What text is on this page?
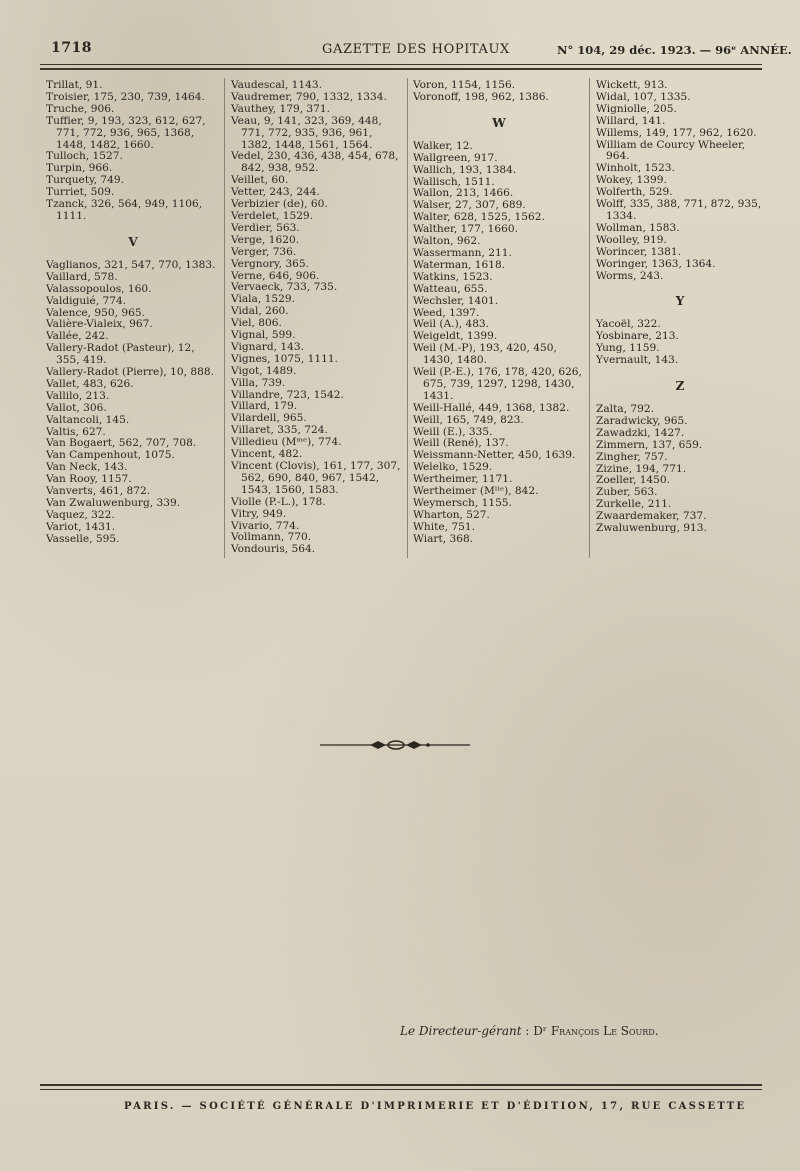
1718	GAZETTE DES HOPITAUX	N° 104, 29 déc. 1923. — 96ᵉ ANNÉE.
Trillat, 91.
Troisier, 175, 230, 739, 1464.
Truche, 906.
Tuffier, 9, 193, 323, 612, 627, 771, 772, 936, 965, 1368, 1448, 1482, 1660.
Tulloch, 1527.
Turpin, 966.
Turquety, 749.
Turriet, 509.
Tzanck, 326, 564, 949, 1106, 1111.
V
Vaglianos, 321, 547, 770, 1383.
Vaillard, 578.
Valassopoulos, 160.
Valdiguié, 774.
Valence, 950, 965.
Valière-Vialeix, 967.
Vallée, 242.
Vallery-Radot (Pasteur), 12, 355, 419.
Vallery-Radot (Pierre), 10, 888.
Vallet, 483, 626.
Vallilo, 213.
Vallot, 306.
Valtancoli, 145.
Valtis, 627.
Van Bogaert, 562, 707, 708.
Van Campenhout, 1075.
Van Neck, 143.
Van Rooy, 1157.
Vanverts, 461, 872.
Van Zwaluwenburg, 339.
Vaquez, 322.
Variot, 1431.
Vasselle, 595.
Vaudescal, 1143.
Vaudremer, 790, 1332, 1334.
Vauthey, 179, 371.
Veau, 9, 141, 323, 369, 448, 771, 772, 935, 936, 961, 1382, 1448, 1561, 1564.
Vedel, 230, 436, 438, 454, 678, 842, 938, 952.
Veillet, 60.
Vetter, 243, 244.
Verbizier (de), 60.
Verdelet, 1529.
Verdier, 563.
Verge, 1620.
Verger, 736.
Vergnory, 365.
Verne, 646, 906.
Vervaeck, 733, 735.
Viala, 1529.
Vidal, 260.
Viel, 806.
Vignal, 599.
Vignard, 143.
Vignes, 1075, 1111.
Vigot, 1489.
Villa, 739.
Villandre, 723, 1542.
Villard, 179.
Vilardell, 965.
Villaret, 335, 724.
Villedieu (Mᵐᵉ), 774.
Vincent, 482.
Vincent (Clovis), 161, 177, 307, 562, 690, 840, 967, 1542, 1543, 1560, 1583.
Violle (P.-L.), 178.
Vitry, 949.
Vivario, 774.
Vollmann, 770.
Vondouris, 564.
Voron, 1154, 1156.
Voronoff, 198, 962, 1386.
W
Walker, 12.
Wallgreen, 917.
Wallich, 193, 1384.
Wallisch, 1511.
Wallon, 213, 1466.
Walser, 27, 307, 689.
Walter, 628, 1525, 1562.
Walther, 177, 1660.
Walton, 962.
Wassermann, 211.
Waterman, 1618.
Watkins, 1523.
Watteau, 655.
Wechsler, 1401.
Weed, 1397.
Weil (A.), 483.
Weigeldt, 1399.
Weil (M.-P), 193, 420, 450, 1430, 1480.
Weil (P.-E.), 176, 178, 420, 626, 675, 739, 1297, 1298, 1430, 1431.
Weill-Hallé, 449, 1368, 1382.
Weill, 165, 749, 823.
Weill (E.), 335.
Weill (René), 137.
Weissmann-Netter, 450, 1639.
Welelko, 1529.
Wertheimer, 1171.
Wertheimer (Mˡˡᵉ), 842.
Weymersch, 1155.
Wharton, 527.
White, 751.
Wiart, 368.
Wickett, 913.
Widal, 107, 1335.
Wigniolle, 205.
Willard, 141.
Willems, 149, 177, 962, 1620.
William de Courcy Wheeler, 964.
Winholt, 1523.
Wokey, 1399.
Wolferth, 529.
Wolff, 335, 388, 771, 872, 935, 1334.
Wollman, 1583.
Woolley, 919.
Worincer, 1381.
Woringer, 1363, 1364.
Worms, 243.
Y
Yacoël, 322.
Yosbinare, 213.
Yung, 1159.
Yvernault, 143.
Z
Zalta, 792.
Zaradwicky, 965.
Zawadzki, 1427.
Zimmern, 137, 659.
Zingher, 757.
Zizine, 194, 771.
Zoeller, 1450.
Zuber, 563.
Zurkelle, 211.
Zwaardemaker, 737.
Zwaluwenburg, 913.
Le Directeur-gérant : Dʳ François Le Sourd.
PARIS. — SOCIÉTÉ GÉNÉRALE D'IMPRIMERIE ET D'ÉDITION, 17, RUE CASSETTE
